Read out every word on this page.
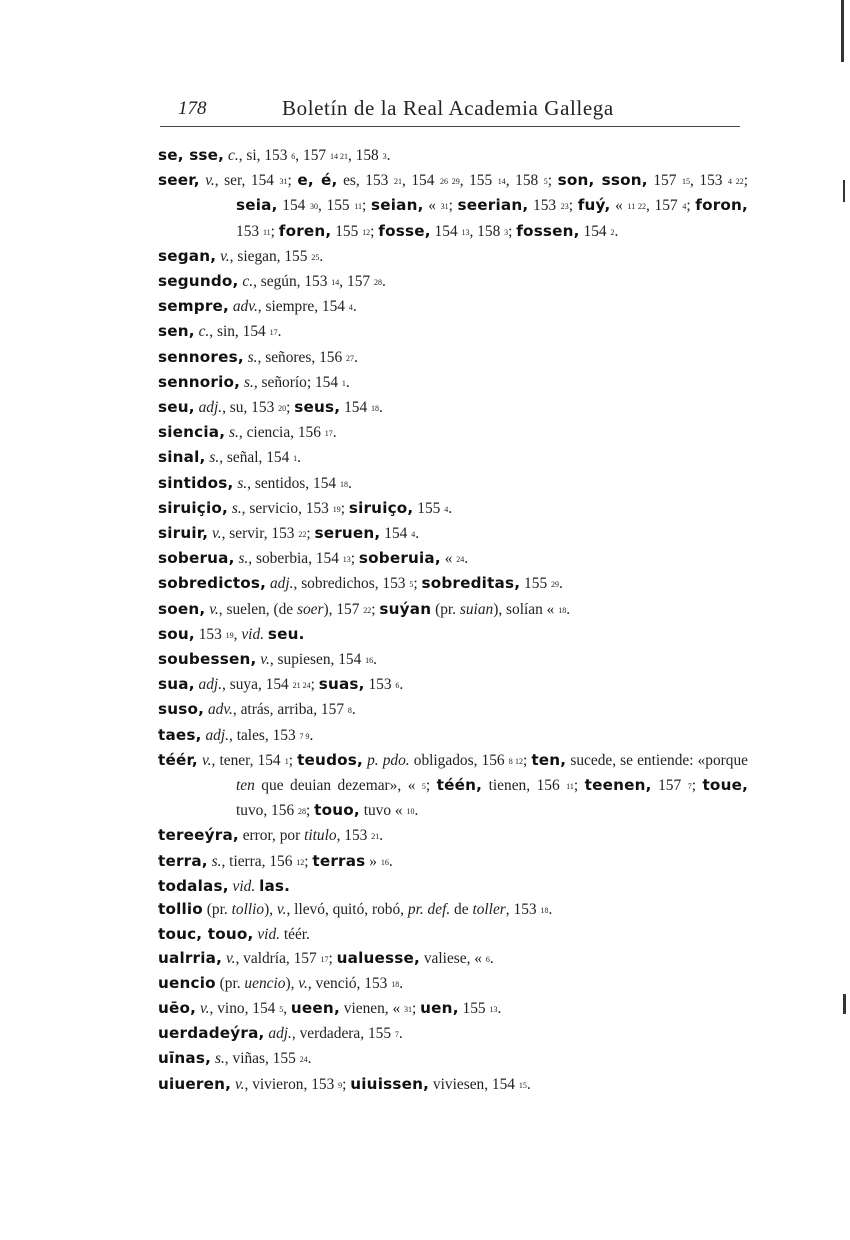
178	Boletín de la Real Academia Gallega
se, sse, c., si, 153 6, 157 14 21, 158 3.
seer, v., ser, 154 31; e, é, es, 153 21, 154 26 29, 155 14, 158 5; son, sson, 157 15, 153 4 22; seia, 154 30, 155 11; seian, « 31; seerian, 153 23; fuý, « 11 22, 157 4; foron, 153 11; foren, 155 12; fosse, 154 13, 158 3; fossen, 154 2.
segan, v., siegan, 155 25.
segundo, c., según, 153 14, 157 28.
sempre, adv., siempre, 154 4.
sen, c., sin, 154 17.
sennores, s., señores, 156 27.
sennorio, s., señorío; 154 1.
seu, adj., su, 153 20; seus, 154 18.
siencia, s., ciencia, 156 17.
sinal, s., señal, 154 1.
sintidos, s., sentidos, 154 18.
siruiçio, s., servicio, 153 19; siruiço, 155 4.
siruir, v., servir, 153 22; seruen, 154 4.
soberua, s., soberbia, 154 13; soberuia, « 24.
sobredictos, adj., sobredichos, 153 5; sobreditas, 155 29.
soen, v., suelen, (de soer), 157 22; suýan (pr. suian), solían « 18.
sou, 153 19, vid. seu.
soubessen, v., supiesen, 154 16.
sua, adj., suya, 154 21 24; suas, 153 6.
suso, adv., atrás, arriba, 157 8.
taes, adj., tales, 153 7 9.
téér, v., tener, 154 1; teudos, p. pdo. obligados, 156 8 12; ten, sucede, se entiende: «porque ten que deuian dezemar», « 5; téén, tienen, 156 11; teenen, 157 7; toue, tuvo, 156 28; touo, tuvo « 10.
tereeýra, error, por titulo, 153 21.
terra, s., tierra, 156 12; terras » 16.
todalas, vid. las.
tollio (pr. tollio), v., llevó, quitó, robó, pr. def. de toller, 153 18.
touc, touo, vid. téér.
ualrria, v., valdría, 157 17; ualuesse, valiese, « 6.
uencio (pr. uencio), v., venció, 153 18.
uēo, v., vino, 154 5, ueen, vienen, « 31; uen, 155 13.
uerdadeýra, adj., verdadera, 155 7.
uīnas, s., viñas, 155 24.
uiueren, v., vivieron, 153 9; uiuissen, viviesen, 154 15.
